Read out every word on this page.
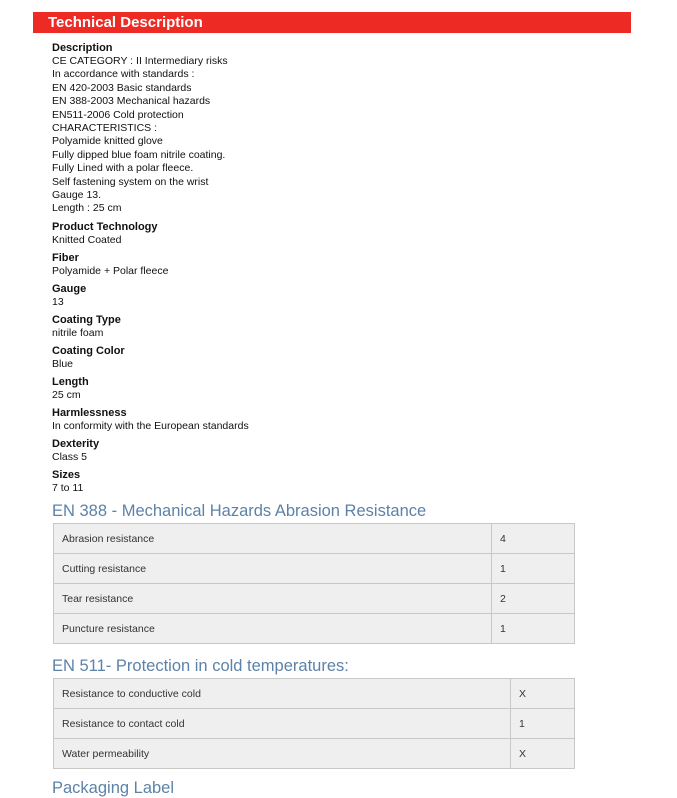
Technical Description
Description
CE CATEGORY : II Intermediary risks
In accordance with standards :
EN 420-2003 Basic standards
EN 388-2003 Mechanical hazards
EN511-2006 Cold protection
CHARACTERISTICS :
Polyamide knitted glove
Fully dipped blue foam nitrile coating.
Fully Lined with a polar fleece.
Self fastening system on the wrist
Gauge 13.
Length : 25 cm
Product Technology
Knitted Coated
Fiber
Polyamide + Polar fleece
Gauge
13
Coating Type
nitrile foam
Coating Color
Blue
Length
25 cm
Harmlessness
In conformity with the European standards
Dexterity
Class 5
Sizes
7 to 11
EN 388 - Mechanical Hazards Abrasion Resistance
Abrasion resistance	4
Cutting resistance	1
Tear resistance	2
Puncture resistance	1
EN 511- Protection in cold temperatures:
Resistance to conductive cold	X
Resistance to contact cold	1
Water permeability	X
Packaging Label
